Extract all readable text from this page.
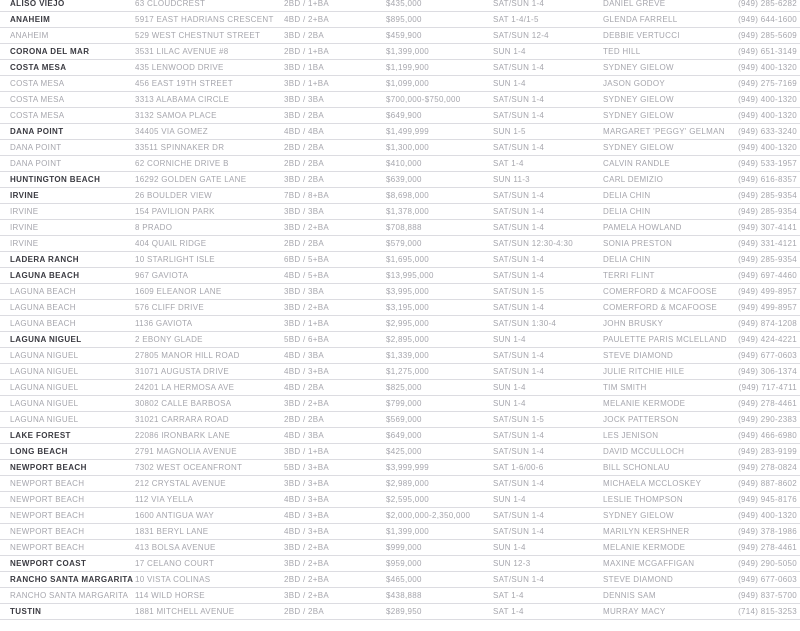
ALISO VIEJO	63 CLOUDCREST	2BD / 1+BA	$435,000	SAT/SUN 1-4	DANIEL GREVE	(949) 285-6282
ANAHEIM	5917 EAST HADRIANS CRESCENT	4BD / 2+BA	$895,000	SAT 1-4/1-5	GLENDA FARRELL	(949) 644-1600
ANAHEIM	529 WEST CHESTNUT STREET	3BD / 2BA	$459,900	SAT/SUN 12-4	DEBBIE VERTUCCI	(949) 285-5609
CORONA DEL MAR	3531 LILAC AVENUE #8	2BD / 1+BA	$1,399,000	SUN 1-4	TED HILL	(949) 651-3149
COSTA MESA	435 LENWOOD DRIVE	3BD / 1BA	$1,199,900	SAT/SUN 1-4	SYDNEY GIELOW	(949) 400-1320
COSTA MESA	456 EAST 19TH STREET	3BD / 1+BA	$1,099,000	SUN 1-4	JASON GODOY	(949) 275-7169
COSTA MESA	3313 ALABAMA CIRCLE	3BD / 3BA	$700,000-$750,000	SAT/SUN 1-4	SYDNEY GIELOW	(949) 400-1320
COSTA MESA	3132 SAMOA PLACE	3BD / 2BA	$649,900	SAT/SUN 1-4	SYDNEY GIELOW	(949) 400-1320
DANA POINT	34405 VIA GOMEZ	4BD / 4BA	$1,499,999	SUN 1-5	MARGARET 'PEGGY' GELMAN	(949) 633-3240
DANA POINT	33511 SPINNAKER DR	2BD / 2BA	$1,300,000	SAT/SUN 1-4	SYDNEY GIELOW	(949) 400-1320
DANA POINT	62 CORNICHE DRIVE B	2BD / 2BA	$410,000	SAT 1-4	CALVIN RANDLE	(949) 533-1957
HUNTINGTON BEACH	16292 GOLDEN GATE LANE	3BD / 2BA	$639,000	SUN 11-3	CARL DEMIZIO	(949) 616-8357
IRVINE	26 BOULDER VIEW	7BD / 8+BA	$8,698,000	SAT/SUN 1-4	DELIA CHIN	(949) 285-9354
IRVINE	154 PAVILION PARK	3BD / 3BA	$1,378,000	SAT/SUN 1-4	DELIA CHIN	(949) 285-9354
IRVINE	8 PRADO	3BD / 2+BA	$708,888	SAT/SUN 1-4	PAMELA HOWLAND	(949) 307-4141
IRVINE	404 QUAIL RIDGE	2BD / 2BA	$579,000	SAT/SUN 12:30-4:30	SONIA PRESTON	(949) 331-4121
LADERA RANCH	10 STARLIGHT ISLE	6BD / 5+BA	$1,695,000	SAT/SUN 1-4	DELIA CHIN	(949) 285-9354
LAGUNA BEACH	967 GAVIOTA	4BD / 5+BA	$13,995,000	SAT/SUN 1-4	TERRI FLINT	(949) 697-4460
LAGUNA BEACH	1609 ELEANOR LANE	3BD / 3BA	$3,995,000	SAT/SUN 1-5	COMERFORD & MCAFOOSE	(949) 499-8957
LAGUNA BEACH	576 CLIFF DRIVE	3BD / 2+BA	$3,195,000	SAT/SUN 1-4	COMERFORD & MCAFOOSE	(949) 499-8957
LAGUNA BEACH	1136 GAVIOTA	3BD / 1+BA	$2,995,000	SAT/SUN 1:30-4	JOHN BRUSKY	(949) 874-1208
LAGUNA NIGUEL	2 EBONY GLADE	5BD / 6+BA	$2,895,000	SUN 1-4	PAULETTE PARIS MCLELLAND	(949) 424-4221
LAGUNA NIGUEL	27805 MANOR HILL ROAD	4BD / 3BA	$1,339,000	SAT/SUN 1-4	STEVE DIAMOND	(949) 677-0603
LAGUNA NIGUEL	31071 AUGUSTA DRIVE	4BD / 3+BA	$1,275,000	SAT/SUN 1-4	JULIE RITCHIE HILE	(949) 306-1374
LAGUNA NIGUEL	24201 LA HERMOSA AVE	4BD / 2BA	$825,000	SUN 1-4	TIM SMITH	(949) 717-4711
LAGUNA NIGUEL	30802 CALLE BARBOSA	3BD / 2+BA	$799,000	SUN 1-4	MELANIE KERMODE	(949) 278-4461
LAGUNA NIGUEL	31021 CARRARA ROAD	2BD / 2BA	$569,000	SAT/SUN 1-5	JOCK PATTERSON	(949) 290-2383
LAKE FOREST	22086 IRONBARK LANE	4BD / 3BA	$649,000	SAT/SUN 1-4	LES JENISON	(949) 466-6980
LONG BEACH	2791 MAGNOLIA AVENUE	3BD / 1+BA	$425,000	SAT/SUN 1-4	DAVID MCCULLOCH	(949) 283-9199
NEWPORT BEACH	7302 WEST OCEANFRONT	5BD / 3+BA	$3,999,999	SAT 1-6/00-6	BILL SCHONLAU	(949) 278-0824
NEWPORT BEACH	212 CRYSTAL AVENUE	3BD / 3+BA	$2,989,000	SAT/SUN 1-4	MICHAELA MCCLOSKEY	(949) 887-8602
NEWPORT BEACH	112 VIA YELLA	4BD / 3+BA	$2,595,000	SUN 1-4	LESLIE THOMPSON	(949) 945-8176
NEWPORT BEACH	1600 ANTIGUA WAY	4BD / 3+BA	$2,000,000-2,350,000	SAT/SUN 1-4	SYDNEY GIELOW	(949) 400-1320
NEWPORT BEACH	1831 BERYL LANE	4BD / 3+BA	$1,399,000	SAT/SUN 1-4	MARILYN KERSHNER	(949) 378-1986
NEWPORT BEACH	413 BOLSA AVENUE	3BD / 2+BA	$999,000	SUN 1-4	MELANIE KERMODE	(949) 278-4461
NEWPORT COAST	17 CELANO COURT	3BD / 2+BA	$959,000	SUN 12-3	MAXINE MCGAFFIGAN	(949) 290-5050
RANCHO SANTA MARGARITA 10 VISTA COLINAS	2BD / 2+BA	$465,000	SAT/SUN 1-4	STEVE DIAMOND	(949) 677-0603
RANCHO SANTA MARGARITA 114 WILD HORSE	3BD / 2+BA	$438,888	SAT 1-4	DENNIS SAM	(949) 837-5700
TUSTIN	1881 MITCHELL AVENUE	2BD / 2BA	$289,950	SAT 1-4	MURRAY MACY	(714) 815-3253
